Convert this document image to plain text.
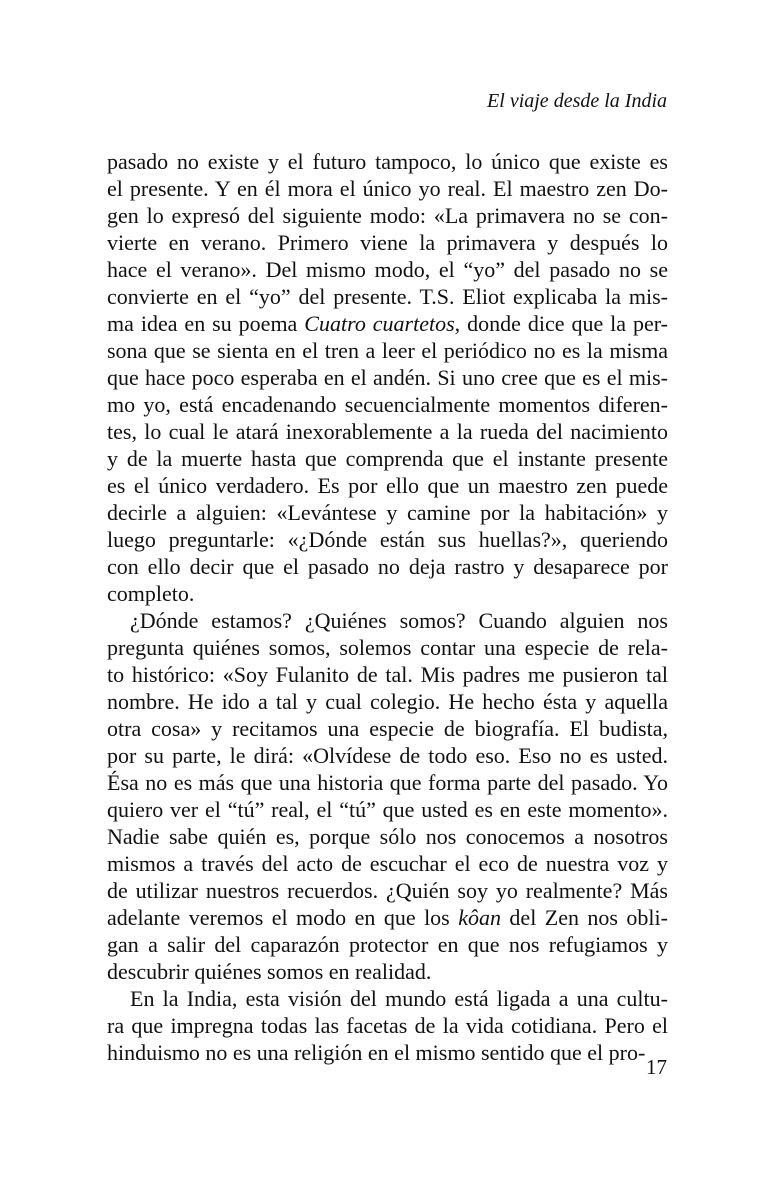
El viaje desde la India
pasado no existe y el futuro tampoco, lo único que existe es
el presente. Y en él mora el único yo real. El maestro zen Do-
gen lo expresó del siguiente modo: «La primavera no se con-
vierte en verano. Primero viene la primavera y después lo
hace el verano». Del mismo modo, el “yo” del pasado no se
convierte en el “yo” del presente. T.S. Eliot explicaba la mis-
ma idea en su poema Cuatro cuartetos, donde dice que la per-
sona que se sienta en el tren a leer el periódico no es la misma
que hace poco esperaba en el andén. Si uno cree que es el mis-
mo yo, está encadenando secuencialmente momentos diferen-
tes, lo cual le atará inexorablemente a la rueda del nacimiento
y de la muerte hasta que comprenda que el instante presente
es el único verdadero. Es por ello que un maestro zen puede
decirle a alguien: «Levántese y camine por la habitación» y
luego preguntarle: «¿Dónde están sus huellas?», queriendo
con ello decir que el pasado no deja rastro y desaparece por
completo.
¿Dónde estamos? ¿Quiénes somos? Cuando alguien nos
pregunta quiénes somos, solemos contar una especie de rela-
to histórico: «Soy Fulanito de tal. Mis padres me pusieron tal
nombre. He ido a tal y cual colegio. He hecho ésta y aquella
otra cosa» y recitamos una especie de biografía. El budista,
por su parte, le dirá: «Olvídese de todo eso. Eso no es usted.
Ésa no es más que una historia que forma parte del pasado. Yo
quiero ver el “tú” real, el “tú” que usted es en este momento».
Nadie sabe quién es, porque sólo nos conocemos a nosotros
mismos a través del acto de escuchar el eco de nuestra voz y
de utilizar nuestros recuerdos. ¿Quién soy yo realmente? Más
adelante veremos el modo en que los kôan del Zen nos obli-
gan a salir del caparazón protector en que nos refugiamos y
descubrir quiénes somos en realidad.
En la India, esta visión del mundo está ligada a una cultu-
ra que impregna todas las facetas de la vida cotidiana. Pero el
hinduismo no es una religión en el mismo sentido que el pro-
17
